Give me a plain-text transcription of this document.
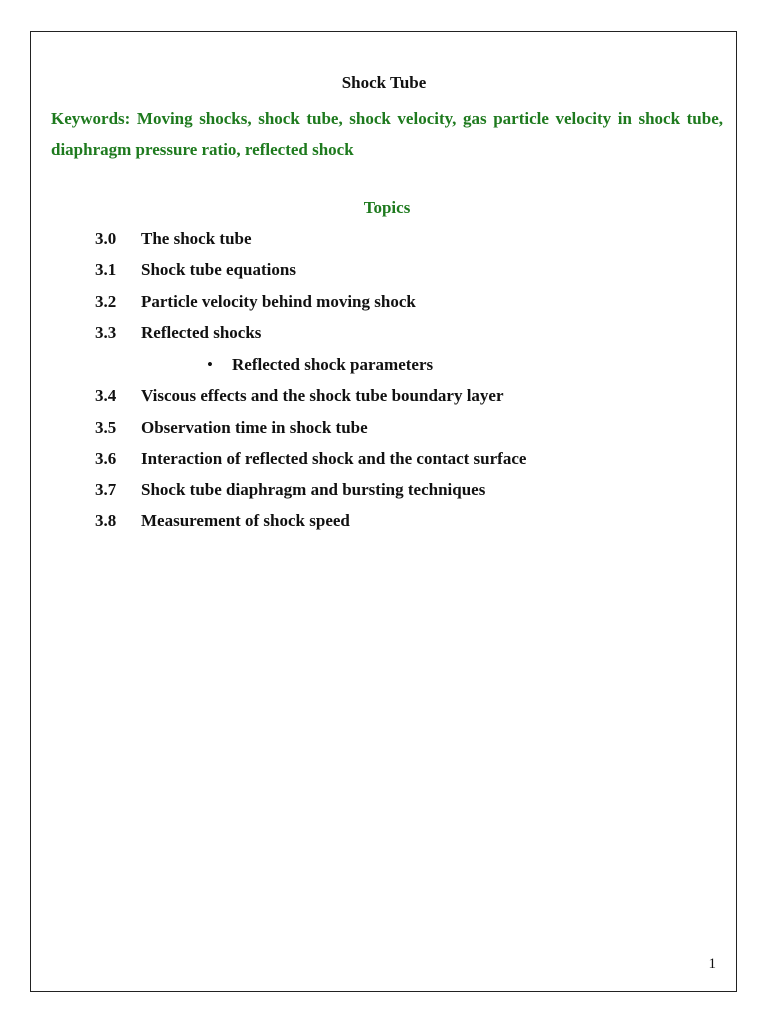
Shock Tube
Keywords: Moving shocks, shock tube, shock velocity, gas particle velocity in shock tube, diaphragm pressure ratio, reflected shock
Topics
3.0 The shock tube
3.1 Shock tube equations
3.2 Particle velocity behind moving shock
3.3 Reflected shocks
• Reflected shock parameters
3.4 Viscous effects and the shock tube boundary layer
3.5 Observation time in shock tube
3.6 Interaction of reflected shock and the contact surface
3.7 Shock tube diaphragm and bursting techniques
3.8 Measurement of shock speed
1
